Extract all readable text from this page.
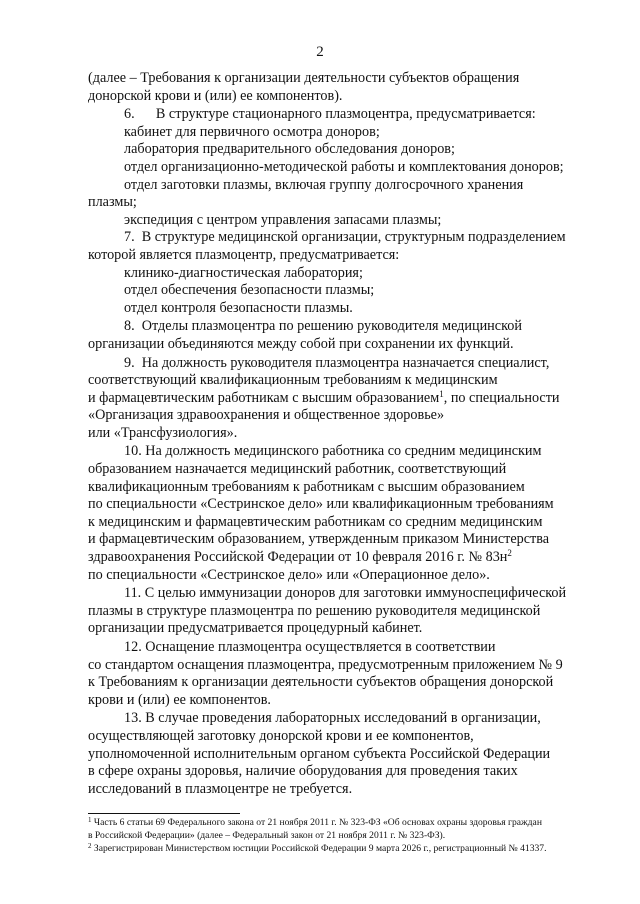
2

(далее – Требования к организации деятельности субъектов обращения

донорской крови и (или) ее компонентов).

6.      В структуре стационарного плазмоцентра, предусматривается:

кабинет для первичного осмотра доноров;

лаборатория предварительного обследования доноров;

отдел организационно-методической работы и комплектования доноров;

отдел заготовки плазмы, включая группу долгосрочного хранения

плазмы;

экспедиция с центром управления запасами плазмы;

7.  В структуре медицинской организации, структурным подразделением

которой является плазмоцентр, предусматривается:

клинико-диагностическая лаборатория;

отдел обеспечения безопасности плазмы;

отдел контроля безопасности плазмы.

8.  Отделы плазмоцентра по решению руководителя медицинской

организации объединяются между собой при сохранении их функций.

9.  На должность руководителя плазмоцентра назначается специалист,

соответствующий квалификационным требованиям к медицинским

и фармацевтическим работникам с высшим образованием$^1$, по специальности

«Организация здравоохранения и общественное здоровье»

или «Трансфузиология».

10. На должность медицинского работника со средним медицинским

образованием назначается медицинский работник, соответствующий

квалификационным требованиям к работникам с высшим образованием

по специальности «Сестринское дело» или квалификационным требованиям

к медицинским и фармацевтическим работникам со средним медицинским

и фармацевтическим образованием, утвержденным приказом Министерства

здравоохранения Российской Федерации от 10 февраля 2016 г. № $83н^2$

по специальности «Сестринское дело» или «Операционное дело».

11. С целью иммунизации доноров для заготовки иммуноспецифической

плазмы в структуре плазмоцентра по решению руководителя медицинской

организации предусматривается процедурный кабинет.

12. Оснащение плазмоцентра осуществляется в соответствии

со стандартом оснащения плазмоцентра, предусмотренным приложением № 9

к Требованиям к организации деятельности субъектов обращения донорской

крови и (или) ее компонентов.

13. В случае проведения лабораторных исследований в организации,

осуществляющей заготовку донорской крови и ее компонентов,

уполномоченной исполнительным органом субъекта Российской Федерации

в сфере охраны здоровья, наличие оборудования для проведения таких

исследований в плазмоцентре не требуется.

$^1$ Часть 6 статьи 69 Федерального закона от 21 ноября 2011 г. № 323-ФЗ «Об основах охраны здоровья граждан

в Российской Федерации» (далее – Федеральный закон от 21 ноября 2011 г. № 323-ФЗ).

$^2$ Зарегистрирован Министерством юстиции Российской Федерации 9 марта 2026 г., регистрационный № 41337.
